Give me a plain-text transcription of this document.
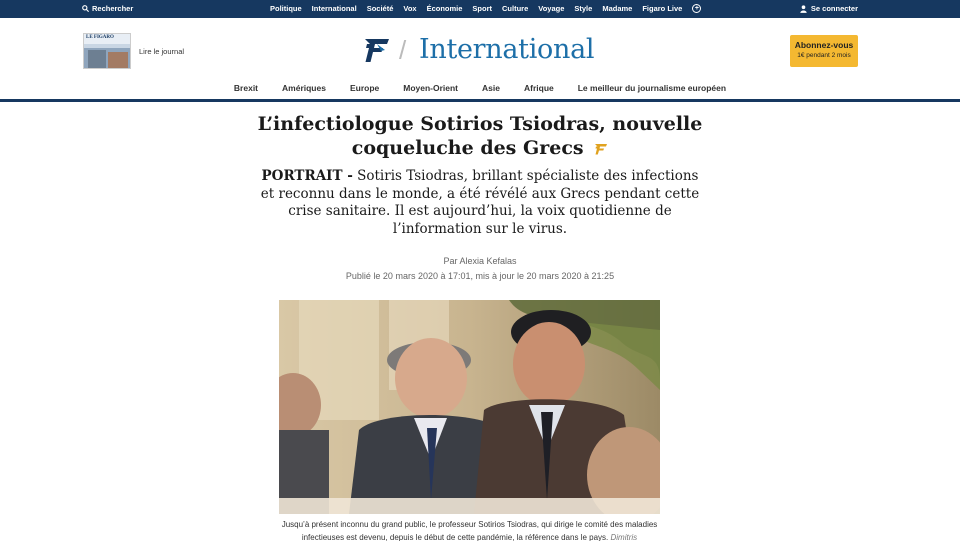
Rechercher	Politique International Société Vox Économie Sport Culture Voyage Style Madame Figaro Live	+	Se connecter
LE FIGARO
Lire le journal	/ International	Abonnez-vous
1€ pendant 2 mois
Brexit	Amériques	Europe	Moyen-Orient	Asie	Afrique	Le meilleur du journalisme européen
L’infectiologue Sotirios Tsiodras, nouvelle
coqueluche des Grecs

PORTRAIT - Sotiris Tsiodras, brillant spécialiste des infections et reconnu dans le monde, a été révélé aux Grecs pendant cette crise sanitaire. Il est aujourd’hui, la voix quotidienne de l’information sur le virus.

Par Alexia Kefalas
Publié le 20 mars 2020 à 17:01, mis à jour le 20 mars 2020 à 21:25

Jusqu’à présent inconnu du grand public, le professeur Sotirios Tsiodras, qui dirige le comité des maladies infectieuses est devenu, depuis le début de cette pandémie, la référence dans le pays. Dimitris
